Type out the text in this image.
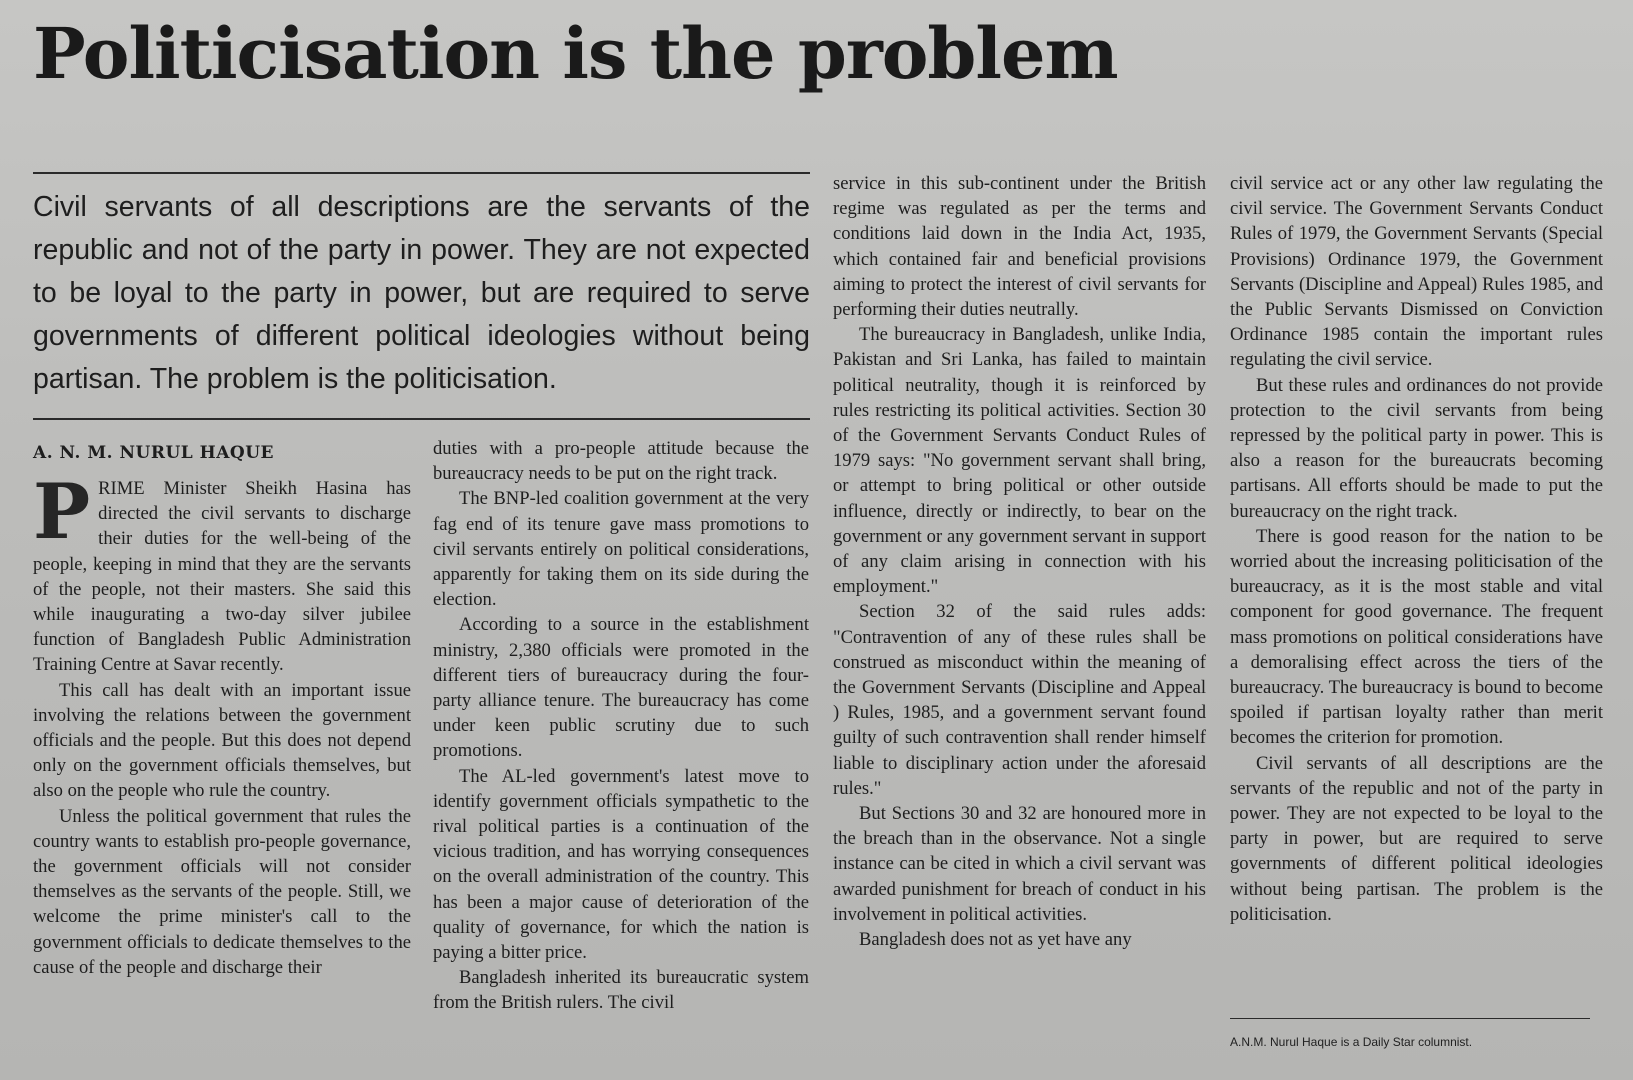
Politicisation is the problem

Civil servants of all descriptions are the servants of the republic and not of the party in power. They are not expected to be loyal to the party in power, but are required to serve governments of different political ideologies without being partisan. The problem is the politicisation.

A. N. M. NURUL HAQUE

PRIME Minister Sheikh Hasina has directed the civil servants to discharge their duties for the well-being of the people, keeping in mind that they are the servants of the people, not their masters. She said this while inaugurating a two-day silver jubilee function of Bangladesh Public Administration Training Centre at Savar recently.

This call has dealt with an important issue involving the relations between the government officials and the people. But this does not depend only on the government officials themselves, but also on the people who rule the country.

Unless the political government that rules the country wants to establish pro-people governance, the government officials will not consider themselves as the servants of the people. Still, we welcome the prime minister's call to the government officials to dedicate themselves to the cause of the people and discharge their

duties with a pro-people attitude because the bureaucracy needs to be put on the right track.

The BNP-led coalition government at the very fag end of its tenure gave mass promotions to civil servants entirely on political considerations, apparently for taking them on its side during the election.

According to a source in the establishment ministry, 2,380 officials were promoted in the different tiers of bureaucracy during the four-party alliance tenure. The bureaucracy has come under keen public scrutiny due to such promotions.

The AL-led government's latest move to identify government officials sympathetic to the rival political parties is a continuation of the vicious tradition, and has worrying consequences on the overall administration of the country. This has been a major cause of deterioration of the quality of governance, for which the nation is paying a bitter price.

Bangladesh inherited its bureaucratic system from the British rulers. The civil

service in this sub-continent under the British regime was regulated as per the terms and conditions laid down in the India Act, 1935, which contained fair and beneficial provisions aiming to protect the interest of civil servants for performing their duties neutrally.

The bureaucracy in Bangladesh, unlike India, Pakistan and Sri Lanka, has failed to maintain political neutrality, though it is reinforced by rules restricting its political activities. Section 30 of the Government Servants Conduct Rules of 1979 says: "No government servant shall bring, or attempt to bring political or other outside influence, directly or indirectly, to bear on the government or any government servant in support of any claim arising in connection with his employment."

Section 32 of the said rules adds: "Contravention of any of these rules shall be construed as misconduct within the meaning of the Government Servants (Discipline and Appeal ) Rules, 1985, and a government servant found guilty of such contravention shall render himself liable to disciplinary action under the aforesaid rules."

But Sections 30 and 32 are honoured more in the breach than in the observance. Not a single instance can be cited in which a civil servant was awarded punishment for breach of conduct in his involvement in political activities.

Bangladesh does not as yet have any

civil service act or any other law regulating the civil service. The Government Servants Conduct Rules of 1979, the Government Servants (Special Provisions) Ordinance 1979, the Government Servants (Discipline and Appeal) Rules 1985, and the Public Servants Dismissed on Conviction Ordinance 1985 contain the important rules regulating the civil service.

But these rules and ordinances do not provide protection to the civil servants from being repressed by the political party in power. This is also a reason for the bureaucrats becoming partisans. All efforts should be made to put the bureaucracy on the right track.

There is good reason for the nation to be worried about the increasing politicisation of the bureaucracy, as it is the most stable and vital component for good governance. The frequent mass promotions on political considerations have a demoralising effect across the tiers of the bureaucracy. The bureaucracy is bound to become spoiled if partisan loyalty rather than merit becomes the criterion for promotion.

Civil servants of all descriptions are the servants of the republic and not of the party in power. They are not expected to be loyal to the party in power, but are required to serve governments of different political ideologies without being partisan. The problem is the politicisation.

A.N.M. Nurul Haque is a Daily Star columnist.
